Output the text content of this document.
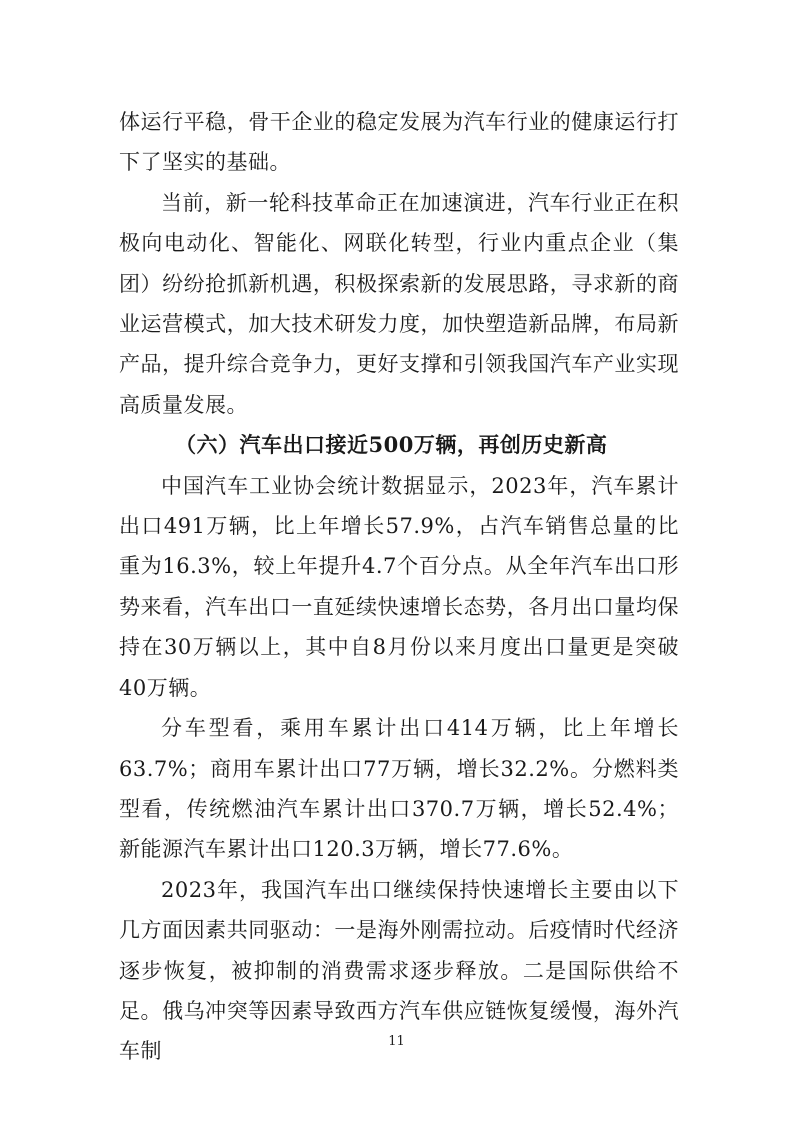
体运行平稳，骨干企业的稳定发展为汽车行业的健康运行打下了坚实的基础。

当前，新一轮科技革命正在加速演进，汽车行业正在积极向电动化、智能化、网联化转型，行业内重点企业（集团）纷纷抢抓新机遇，积极探索新的发展思路，寻求新的商业运营模式，加大技术研发力度，加快塑造新品牌，布局新产品，提升综合竞争力，更好支撑和引领我国汽车产业实现高质量发展。

（六）汽车出口接近500万辆，再创历史新高

中国汽车工业协会统计数据显示，2023年，汽车累计出口491万辆，比上年增长57.9%，占汽车销售总量的比重为16.3%，较上年提升4.7个百分点。从全年汽车出口形势来看，汽车出口一直延续快速增长态势，各月出口量均保持在30万辆以上，其中自8月份以来月度出口量更是突破40万辆。

分车型看，乘用车累计出口414万辆，比上年增长63.7%；商用车累计出口77万辆，增长32.2%。分燃料类型看，传统燃油汽车累计出口370.7万辆，增长52.4%；新能源汽车累计出口120.3万辆，增长77.6%。

2023年，我国汽车出口继续保持快速增长主要由以下几方面因素共同驱动：一是海外刚需拉动。后疫情时代经济逐步恢复，被抑制的消费需求逐步释放。二是国际供给不足。俄乌冲突等因素导致西方汽车供应链恢复缓慢，海外汽车制	11
